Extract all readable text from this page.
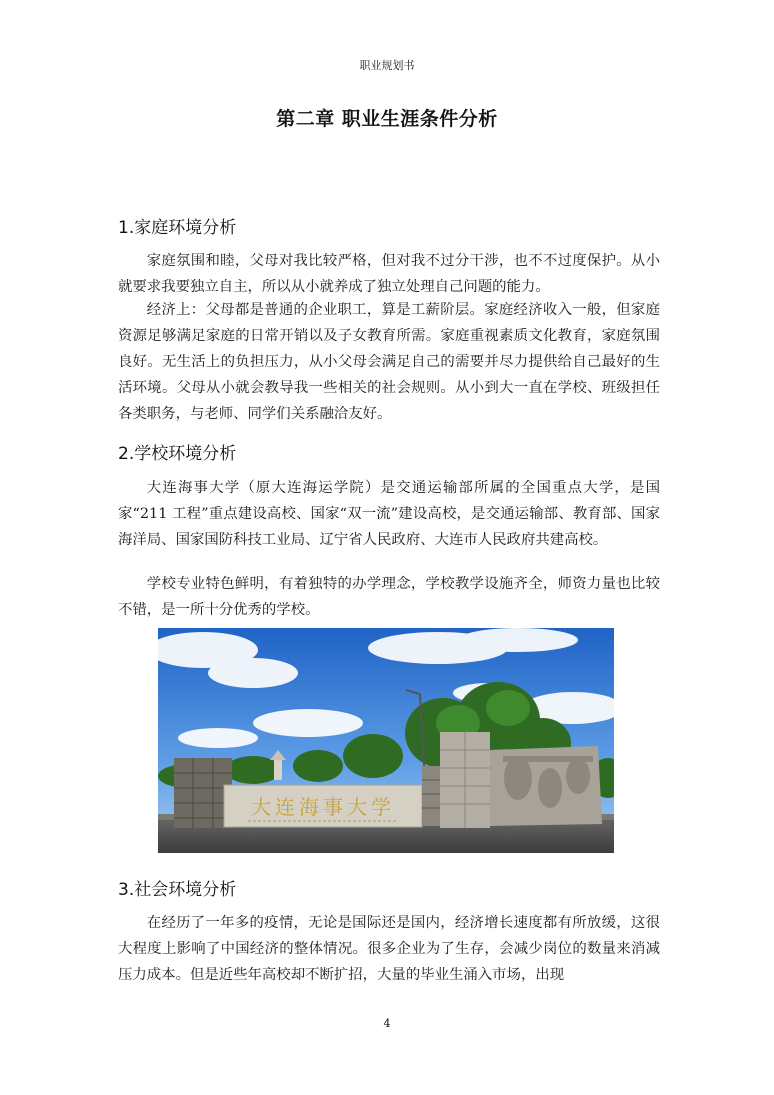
职业规划书
第二章 职业生涯条件分析
1.家庭环境分析

家庭氛围和睦，父母对我比较严格，但对我不过分干涉，也不不过度保护。从小就要求我要独立自主，所以从小就养成了独立处理自己问题的能力。

经济上：父母都是普通的企业职工，算是工薪阶层。家庭经济收入一般，但家庭资源足够满足家庭的日常开销以及子女教育所需。家庭重视素质文化教育，家庭氛围良好。无生活上的负担压力，从小父母会满足自己的需要并尽力提供给自己最好的生活环境。父母从小就会教导我一些相关的社会规则。从小到大一直在学校、班级担任各类职务，与老师、同学们关系融洽友好。

2.学校环境分析

大连海事大学（原大连海运学院）是交通运输部所属的全国重点大学，是国家“211 工程”重点建设高校、国家“双一流”建设高校，是交通运输部、教育部、国家海洋局、国家国防科技工业局、辽宁省人民政府、大连市人民政府共建高校。

学校专业特色鲜明，有着独特的办学理念，学校教学设施齐全，师资力量也比较不错，是一所十分优秀的学校。

大连海事大学
3.社会环境分析

在经历了一年多的疫情，无论是国际还是国内，经济增长速度都有所放缓，这很大程度上影响了中国经济的整体情况。很多企业为了生存，会减少岗位的数量来消减压力成本。但是近些年高校却不断扩招，大量的毕业生涌入市场，出现

4
